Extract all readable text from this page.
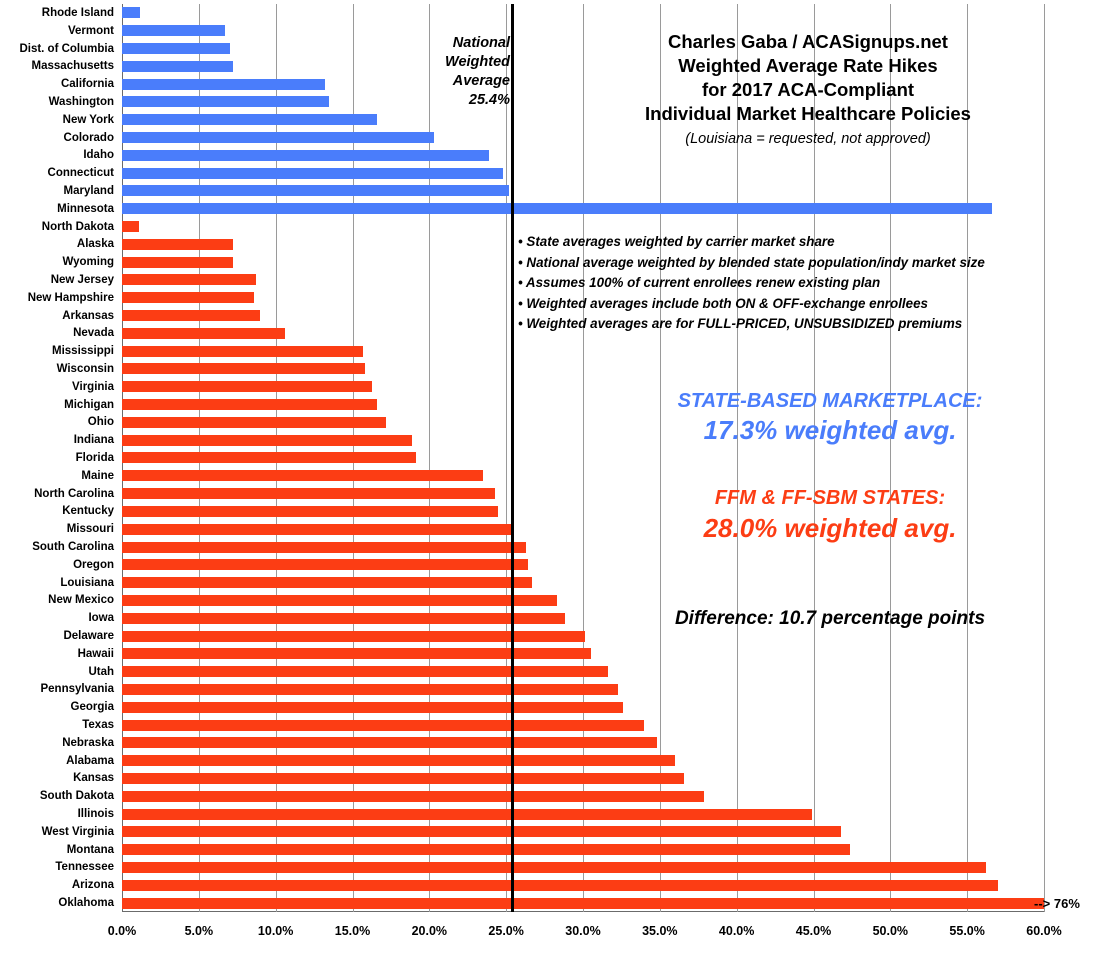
Rhode Island
Vermont
Dist. of Columbia
Massachusetts
California
Washington
New York
Colorado
Idaho
Connecticut
Maryland
Minnesota
North Dakota
Alaska
Wyoming
New Jersey
New Hampshire
Arkansas
Nevada
Mississippi
Wisconsin
Virginia
Michigan
Ohio
Indiana
Florida
Maine
North Carolina
Kentucky
Missouri
South Carolina
Oregon
Louisiana
New Mexico
Iowa
Delaware
Hawaii
Utah
Pennsylvania
Georgia
Texas
Nebraska
Alabama
Kansas
South Dakota
Illinois
West Virginia
Montana
Tennessee
Arizona
Oklahoma
0.0%	5.0%	10.0%	15.0%	20.0%	25.0%	30.0%	35.0%	40.0%	45.0%	50.0%	55.0%	60.0%
National
Weighted
Average
25.4%
Charles Gaba / ACASignups.net
Weighted Average Rate Hikes
for 2017 ACA-Compliant
Individual Market Healthcare Policies
(Louisiana = requested, not approved)
• State averages weighted by carrier market share
• National average weighted by blended state population/indy market size
• Assumes 100% of current enrollees renew existing plan
• Weighted averages include both ON & OFF-exchange enrollees
• Weighted averages are for FULL-PRICED, UNSUBSIDIZED premiums
STATE-BASED MARKETPLACE:
17.3% weighted avg.
FFM & FF-SBM STATES:
28.0% weighted avg.
Difference: 10.7 percentage points
--> 76%
